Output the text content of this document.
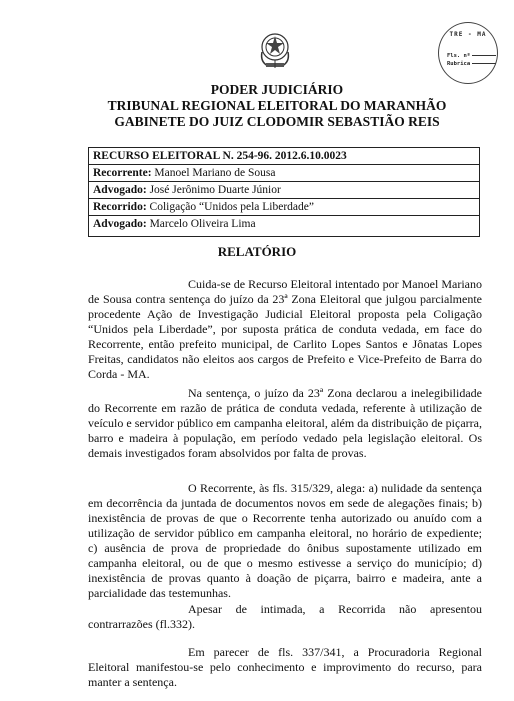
TRE - MA
Fls. nº
Rubrica
PODER JUDICIÁRIO
TRIBUNAL REGIONAL ELEITORAL DO MARANHÃO
GABINETE DO JUIZ CLODOMIR SEBASTIÃO REIS
RECURSO ELEITORAL N. 254-96. 2012.6.10.0023
Recorrente: Manoel Mariano de Sousa
Advogado: José Jerônimo Duarte Júnior
Recorrido: Coligação “Unidos pela Liberdade”
Advogado: Marcelo Oliveira Lima
RELATÓRIO

Cuida-se de Recurso Eleitoral intentado por Manoel Mariano de Sousa contra sentença do juízo da 23ª Zona Eleitoral que julgou parcialmente procedente Ação de Investigação Judicial Eleitoral proposta pela Coligação “Unidos pela Liberdade”, por suposta prática de conduta vedada, em face do Recorrente, então prefeito municipal, de Carlito Lopes Santos e Jônatas Lopes Freitas, candidatos não eleitos aos cargos de Prefeito e Vice-Prefeito de Barra do Corda - MA.

Na sentença, o juízo da 23ª Zona declarou a inelegibilidade do Recorrente em razão de prática de conduta vedada, referente à utilização de veículo e servidor público em campanha eleitoral, além da distribuição de piçarra, barro e madeira à população, em período vedado pela legislação eleitoral. Os demais investigados foram absolvidos por falta de provas.

O Recorrente, às fls. 315/329, alega: a) nulidade da sentença em decorrência da juntada de documentos novos em sede de alegações finais; b) inexistência de provas de que o Recorrente tenha autorizado ou anuído com a utilização de servidor público em campanha eleitoral, no horário de expediente; c) ausência de prova de propriedade do ônibus supostamente utilizado em campanha eleitoral, ou de que o mesmo estivesse a serviço do município; d) inexistência de provas quanto à doação de piçarra, bairro e madeira, ante a parcialidade das testemunhas.

Apesar de intimada, a Recorrida não apresentou contrarrazões (fl.332).

Em parecer de fls. 337/341, a Procuradoria Regional Eleitoral manifestou-se pelo conhecimento e improvimento do recurso, para manter a sentença.
